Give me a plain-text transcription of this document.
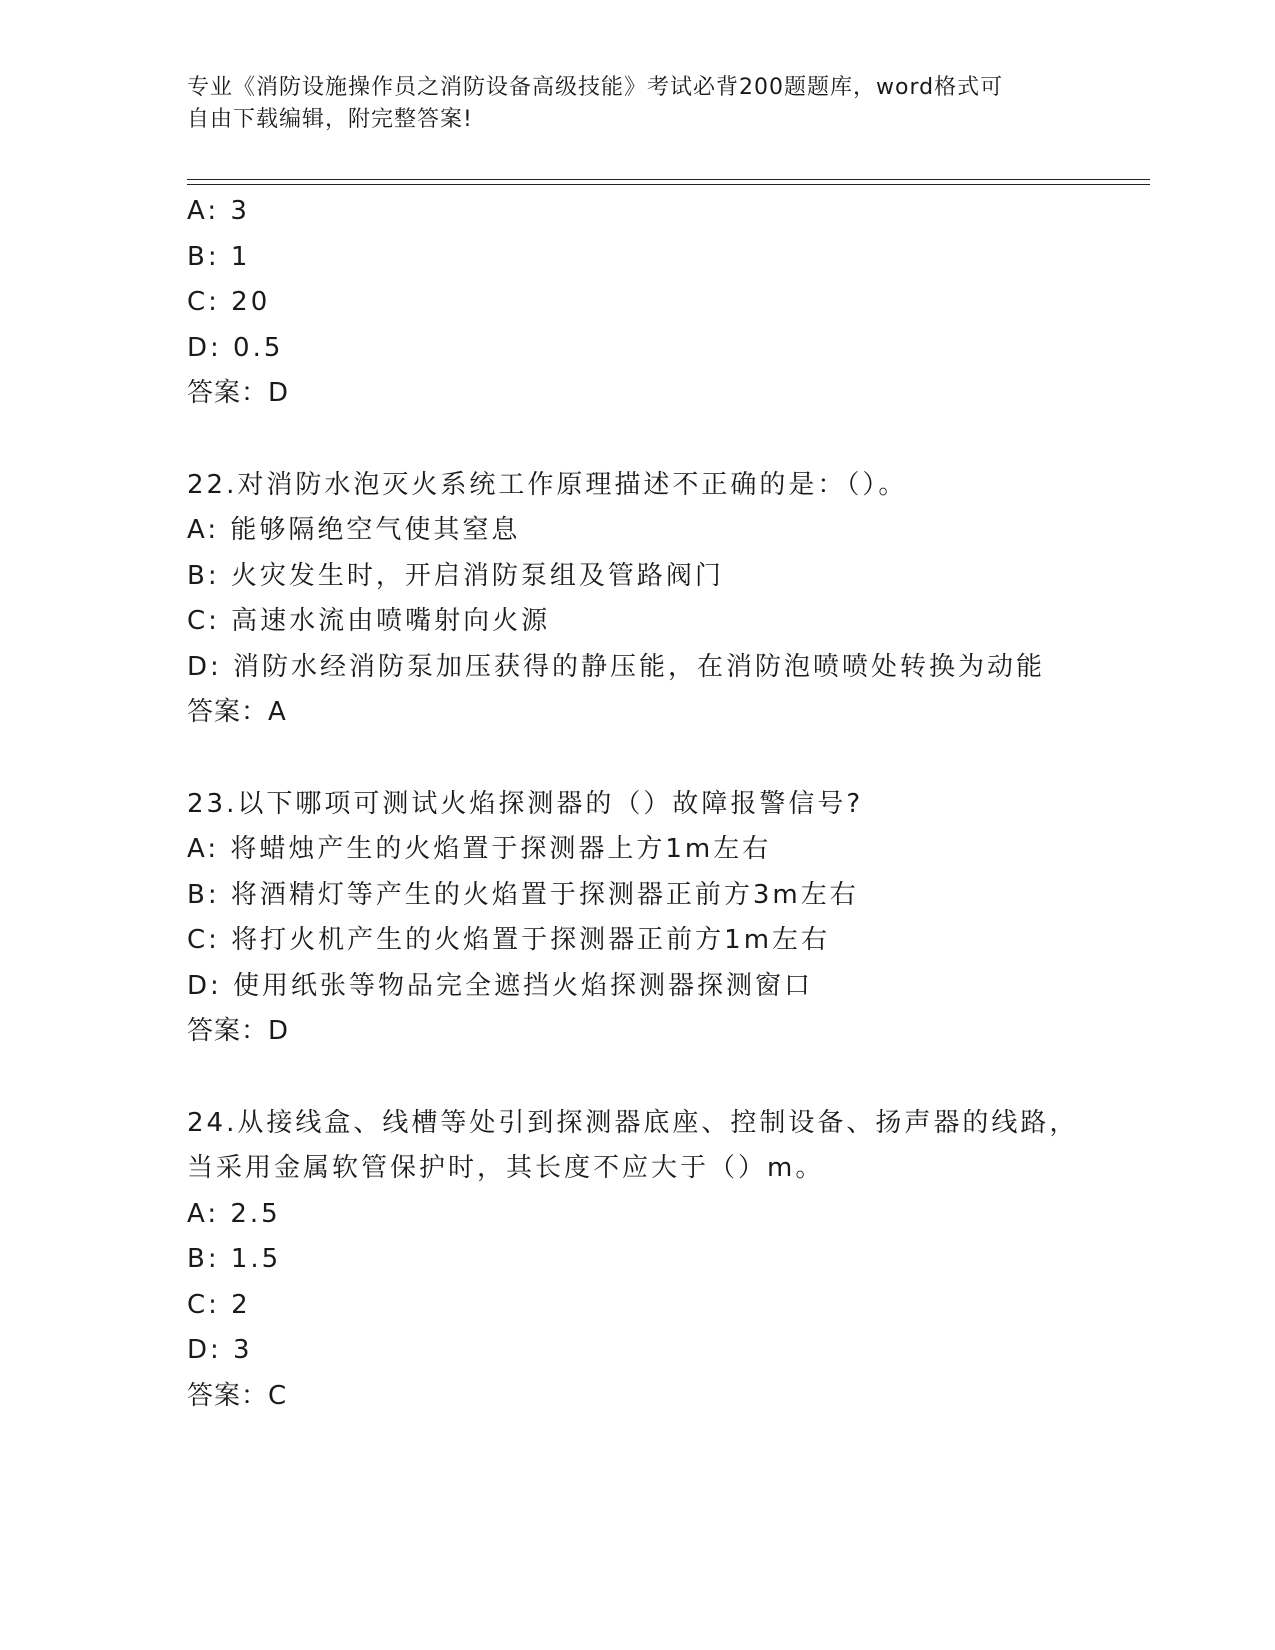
专业《消防设施操作员之消防设备高级技能》考试必背200题题库，word格式可
自由下载编辑，附完整答案!
A: 3
B: 1
C: 20
D: 0.5
答案：D
22.对消防水泡灭火系统工作原理描述不正确的是：（）。
A: 能够隔绝空气使其窒息
B: 火灾发生时，开启消防泵组及管路阀门
C: 高速水流由喷嘴射向火源
D: 消防水经消防泵加压获得的静压能，在消防泡喷喷处转换为动能
答案：A
23.以下哪项可测试火焰探测器的（）故障报警信号?
A: 将蜡烛产生的火焰置于探测器上方1m左右
B: 将酒精灯等产生的火焰置于探测器正前方3m左右
C: 将打火机产生的火焰置于探测器正前方1m左右
D: 使用纸张等物品完全遮挡火焰探测器探测窗口
答案：D
24.从接线盒、线槽等处引到探测器底座、控制设备、扬声器的线路，
当采用金属软管保护时，其长度不应大于（）m。
A: 2.5
B: 1.5
C: 2
D: 3
答案：C
